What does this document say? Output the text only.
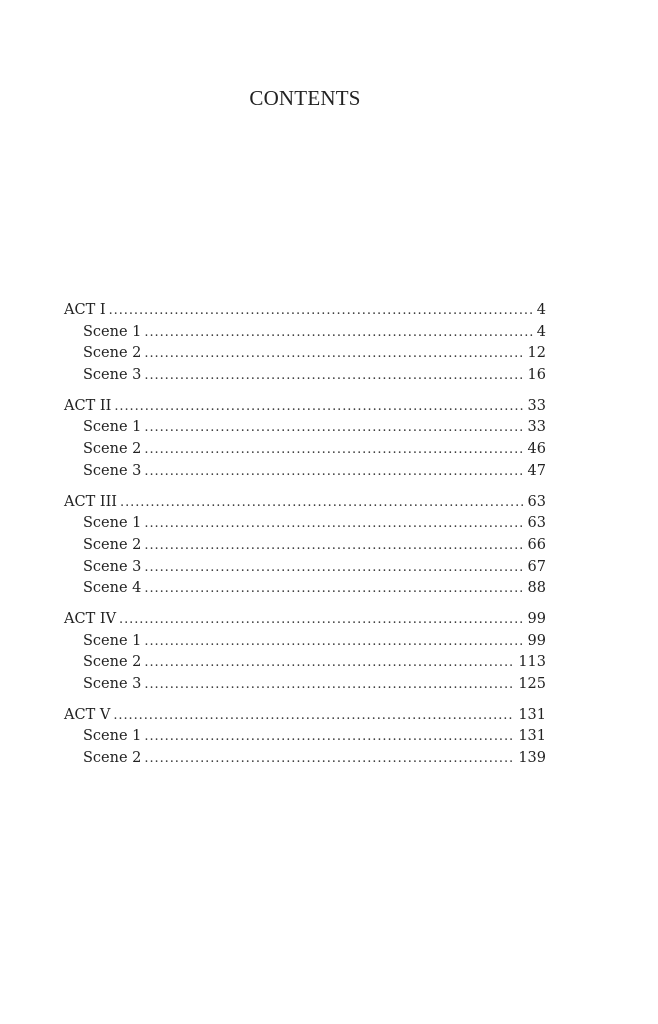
CONTENTS
ACT I . . .	4
Scene 1 . . .	4
Scene 2 . . .	12
Scene 3 . . .	16
ACT II . . .	33
Scene 1 . . .	33
Scene 2 . . .	46
Scene 3 . . .	47
ACT III . . .	63
Scene 1 . . .	63
Scene 2 . . .	66
Scene 3 . . .	67
Scene 4 . . .	88
ACT IV . . .	99
Scene 1 . . .	99
Scene 2 . . .	113
Scene 3 . . .	125
ACT V . . .	131
Scene 1 . . .	131
Scene 2 . . .	139
